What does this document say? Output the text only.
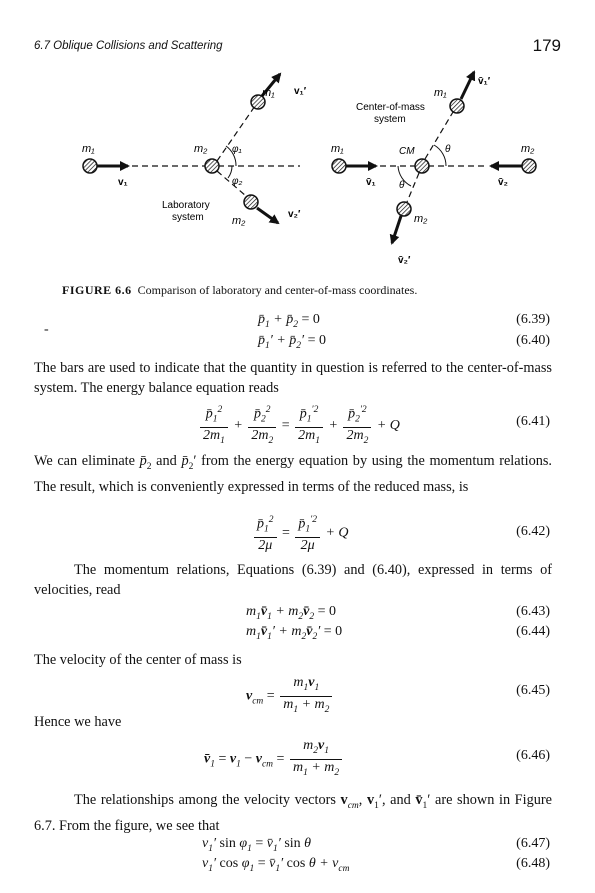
6.7 Oblique Collisions and Scattering	179
m₁
v₁
m₂
m₁ v₁′
φ₁
φ₂
m₂
v₂′
Laboratory
system
Center-of-mass
system
m₁
v̄₁
CM	m₂
v̄₂
m₁
v̄₁′
θ
θ
m₂
v̄₂′
FIGURE 6.6 Comparison of laboratory and center-of-mass coordinates.
-
$p̄_1$ + $p̄_2 = 0$	(6.39)
$p̄_1'$ + $p̄_2' = 0$	(6.40)
The bars are used to indicate that the quantity in question is referred to the center-of-mass system. The energy balance equation reads
$\frac{p̄_1^2}{2m_1} + \frac{p̄_2^2}{2m_2} = \frac{p̄_1^{'2}}{2m_1} + \frac{p̄_2^{'2}}{2m_2} + Q$	(6.41)
We can eliminate $p̄_2$ and $p̄_2'$ from the energy equation by using the momentum relations. The result, which is conveniently expressed in terms of the reduced mass, is
$\frac{p̄_1^2}{2\mu} = \frac{p̄_1^{'2}}{2\mu} + Q$	(6.42)
The momentum relations, Equations (6.39) and (6.40), expressed in terms of velocities, read
$m_1v̄_1$ + $m_2v̄_2 = 0$	(6.43)
$m_1v̄_1'$ + $m_2v̄_2' = 0$	(6.44)
The velocity of the center of mass is
$v_{cm} = \frac{m_1v_1}{m_1 + m_2}$	(6.45)
Hence we have
$v̄_1 = v_1 - v_{cm} = \frac{m_2v_1}{m_1 + m_2}$	(6.46)
The relationships among the velocity vectors $v_{cm}$, $v_1'$, and $v̄_1'$ are shown in Figure 6.7. From the figure, we see that
$v_1'$ $\sin \varphi_1$ = $v̄_1'$ sin θ	(6.47)
$v_1'$ $\cos \varphi_1$ = $v̄_1'$ $\cos \theta + v_{cm}$	(6.48)
